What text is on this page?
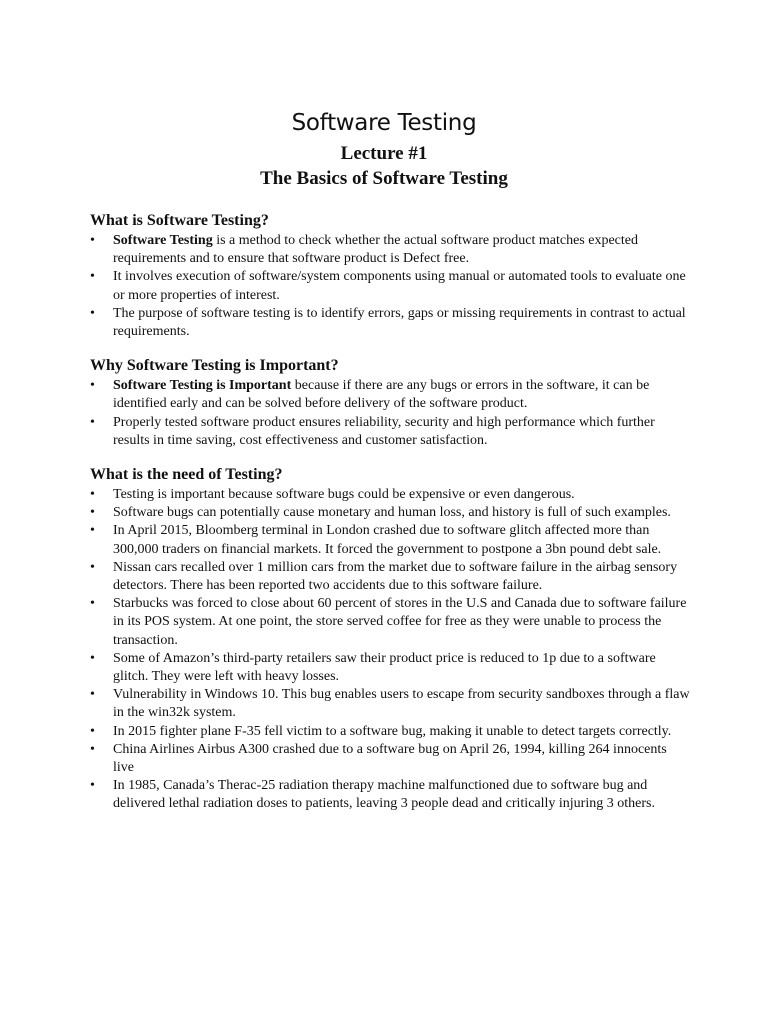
Software Testing
Lecture #1
The Basics of Software Testing
What is Software Testing?
• Software Testing is a method to check whether the actual software product matches expected requirements and to ensure that software product is Defect free.
• It involves execution of software/system components using manual or automated tools to evaluate one or more properties of interest.
• The purpose of software testing is to identify errors, gaps or missing requirements in contrast to actual requirements.
Why Software Testing is Important?
• Software Testing is Important because if there are any bugs or errors in the software, it can be identified early and can be solved before delivery of the software product.
• Properly tested software product ensures reliability, security and high performance which further results in time saving, cost effectiveness and customer satisfaction.
What is the need of Testing?
• Testing is important because software bugs could be expensive or even dangerous.
• Software bugs can potentially cause monetary and human loss, and history is full of such examples.
• In April 2015, Bloomberg terminal in London crashed due to software glitch affected more than 300,000 traders on financial markets. It forced the government to postpone a 3bn pound debt sale.
• Nissan cars recalled over 1 million cars from the market due to software failure in the airbag sensory detectors. There has been reported two accidents due to this software failure.
• Starbucks was forced to close about 60 percent of stores in the U.S and Canada due to software failure in its POS system. At one point, the store served coffee for free as they were unable to process the transaction.
• Some of Amazon’s third-party retailers saw their product price is reduced to 1p due to a software glitch. They were left with heavy losses.
• Vulnerability in Windows 10. This bug enables users to escape from security sandboxes through a flaw in the win32k system.
• In 2015 fighter plane F-35 fell victim to a software bug, making it unable to detect targets correctly.
• China Airlines Airbus A300 crashed due to a software bug on April 26, 1994, killing 264 innocents live
• In 1985, Canada’s Therac-25 radiation therapy machine malfunctioned due to software bug and delivered lethal radiation doses to patients, leaving 3 people dead and critically injuring 3 others.
